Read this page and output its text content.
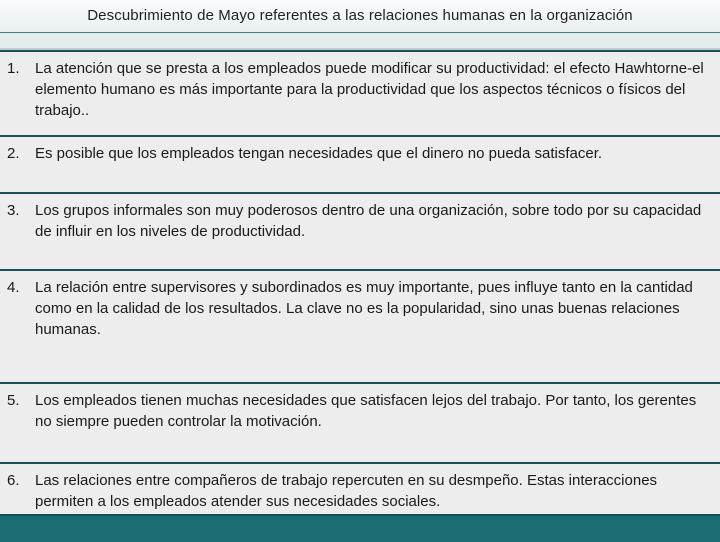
Descubrimiento de Mayo referentes a las relaciones humanas en la organización
1. La atención que se presta a los empleados puede modificar su productividad: el efecto Hawhtorne-el elemento humano es más importante para la productividad que los aspectos técnicos o físicos del trabajo..
2. Es posible que los empleados tengan necesidades que el dinero no pueda satisfacer.
3. Los grupos informales son muy poderosos dentro de una organización, sobre todo por su capacidad de influir en los niveles de productividad.
4. La relación entre supervisores y subordinados es muy importante, pues influye tanto en la cantidad como en la calidad de los resultados. La clave no es la popularidad, sino unas buenas relaciones humanas.
5. Los empleados tienen muchas necesidades que satisfacen lejos del trabajo. Por tanto, los gerentes no siempre pueden controlar la motivación.
6. Las relaciones entre compañeros de trabajo repercuten en su desmpeño. Estas interacciones permiten a los empleados atender sus necesidades sociales.
